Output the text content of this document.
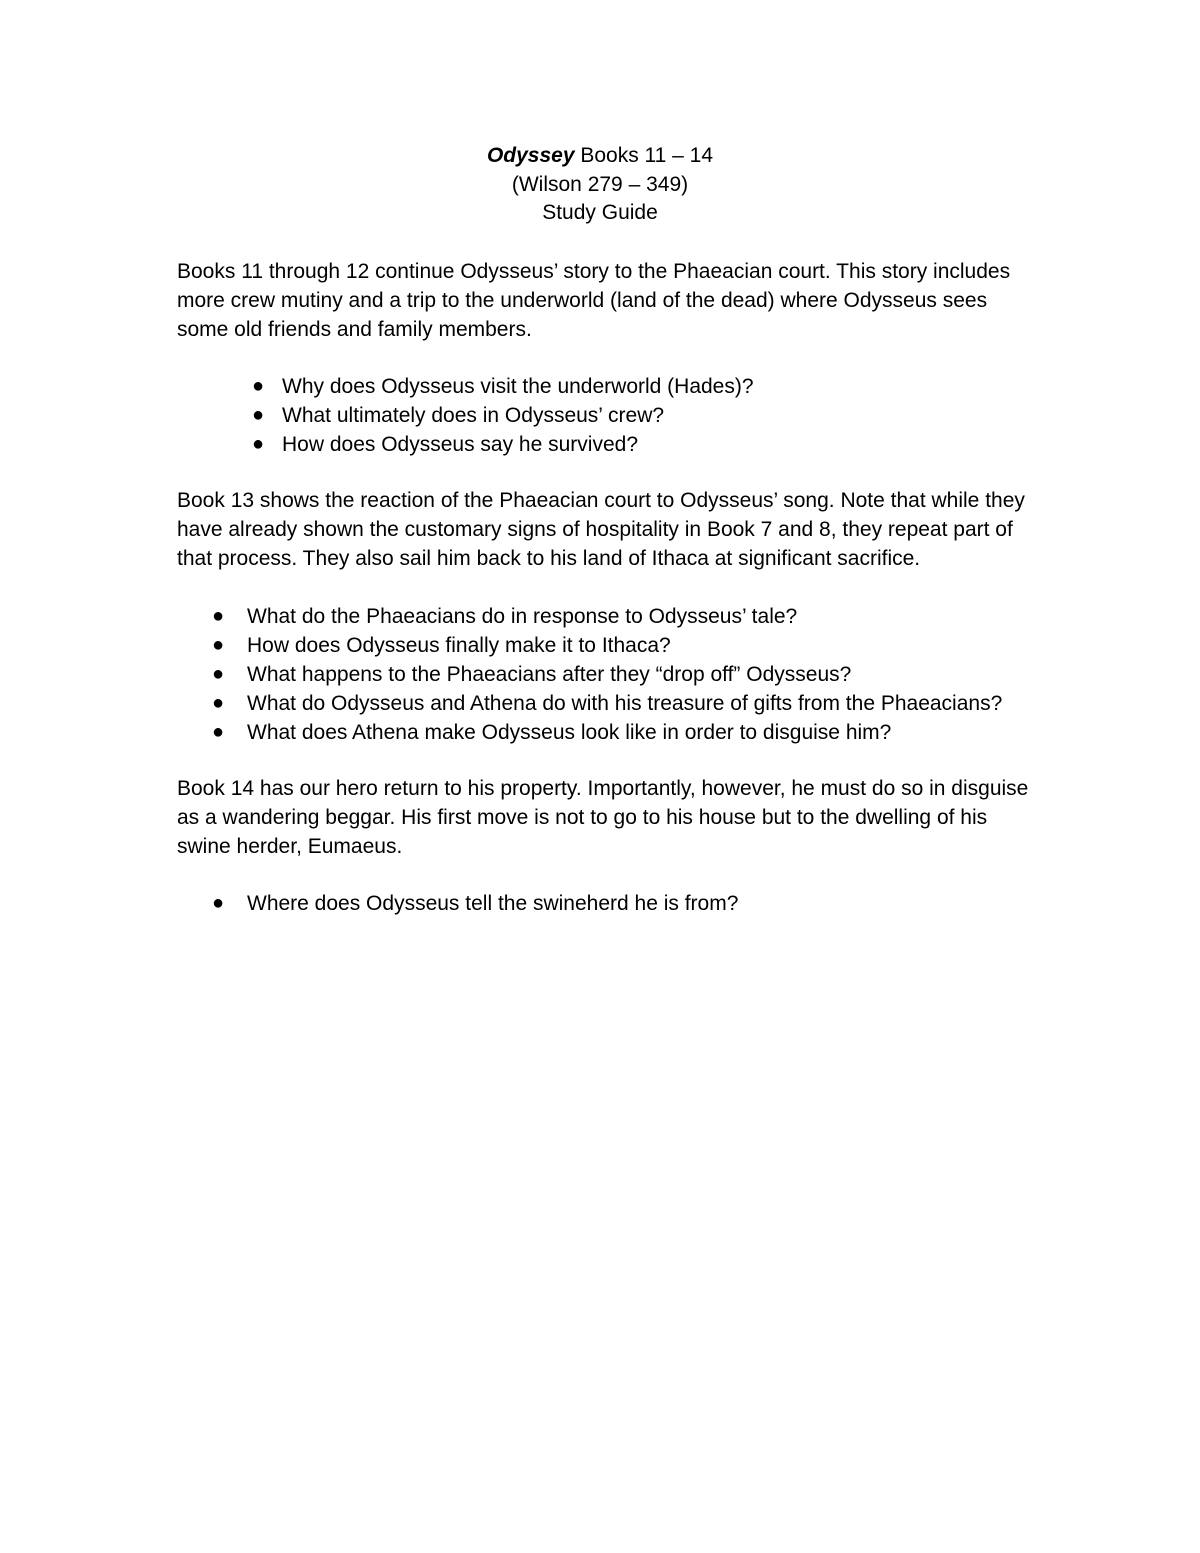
Odyssey Books 11 – 14
(Wilson 279 – 349)
Study Guide

Books 11 through 12 continue Odysseus’ story to the Phaeacian court. This story includes more crew mutiny and a trip to the underworld (land of the dead) where Odysseus sees some old friends and family members.

● Why does Odysseus visit the underworld (Hades)?
● What ultimately does in Odysseus’ crew?
● How does Odysseus say he survived?

Book 13 shows the reaction of the Phaeacian court to Odysseus’ song. Note that while they have already shown the customary signs of hospitality in Book 7 and 8, they repeat part of that process. They also sail him back to his land of Ithaca at significant sacrifice.

● What do the Phaeacians do in response to Odysseus’ tale?
● How does Odysseus finally make it to Ithaca?
● What happens to the Phaeacians after they “drop off” Odysseus?
● What do Odysseus and Athena do with his treasure of gifts from the Phaeacians?
● What does Athena make Odysseus look like in order to disguise him?

Book 14 has our hero return to his property. Importantly, however, he must do so in disguise as a wandering beggar. His first move is not to go to his house but to the dwelling of his swine herder, Eumaeus.

● Where does Odysseus tell the swineherd he is from?
